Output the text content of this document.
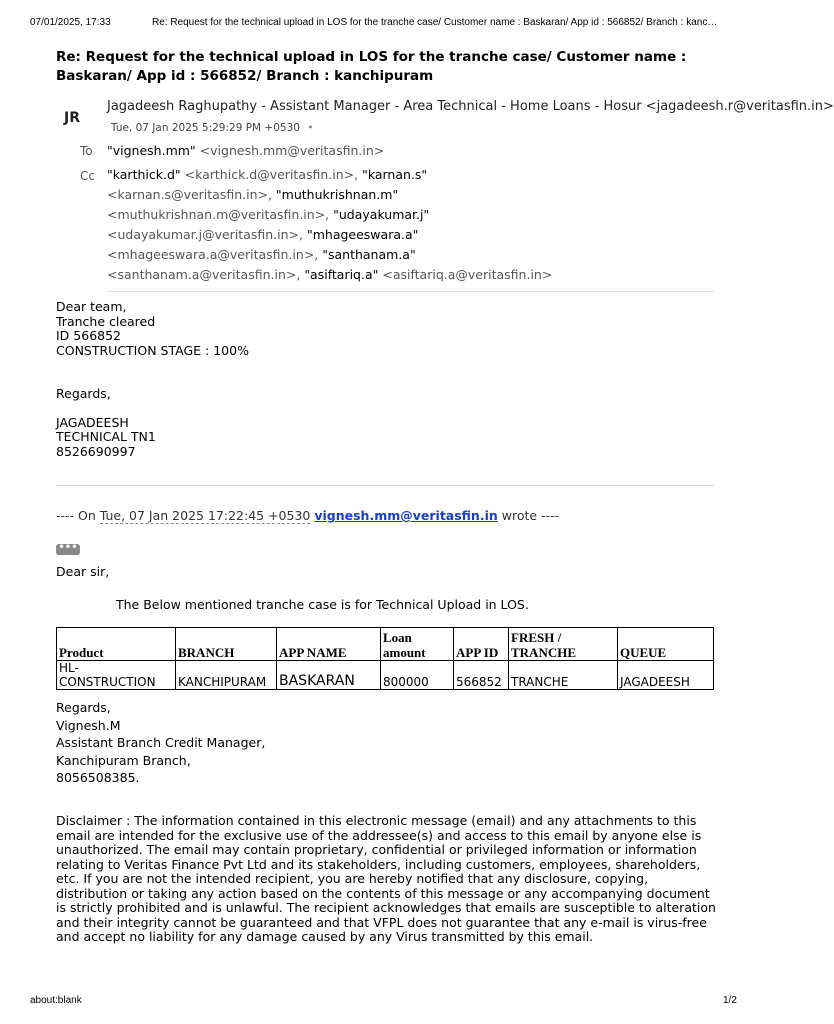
07/01/2025, 17:33	Re: Request for the technical upload in LOS for the tranche case/ Customer name : Baskaran/ App id : 566852/ Branch : kanc…
Re: Request for the technical upload in LOS for the tranche case/ Customer name :
Baskaran/ App id : 566852/ Branch : kanchipuram
JR
Jagadeesh Raghupathy - Assistant Manager - Area Technical - Home Loans - Hosur <jagadeesh.r@veritasfin.in>
Tue, 07 Jan 2025 5:29:29 PM +0530 •
To "vignesh.mm" <vignesh.mm@veritasfin.in>
Cc "karthick.d" <karthick.d@veritasfin.in>, "karnan.s"
<karnan.s@veritasfin.in>, "muthukrishnan.m"
<muthukrishnan.m@veritasfin.in>, "udayakumar.j"
<udayakumar.j@veritasfin.in>, "mhageeswara.a"
<mhageeswara.a@veritasfin.in>, "santhanam.a"
<santhanam.a@veritasfin.in>, "asiftariq.a" <asiftariq.a@veritasfin.in>
Dear team,
Tranche cleared
ID 566852
CONSTRUCTION STAGE : 100%
Regards,
JAGADEESH
TECHNICAL TN1
8526690997
---- On Tue, 07 Jan 2025 17:22:45 +0530 vignesh.mm@veritasfin.in wrote ----
•••
Dear sir,
The Below mentioned tranche case is for Technical Upload in LOS.
Product	BRANCH	APP NAME	Loan amount	APP ID	FRESH / TRANCHE	QUEUE
HL- CONSTRUCTION	KANCHIPURAM	BASKARAN	800000	566852	TRANCHE	JAGADEESH
Regards,
Vignesh.M
Assistant Branch Credit Manager,
Kanchipuram Branch,
8056508385.
Disclaimer : The information contained in this electronic message (email) and any attachments to this email are intended for the exclusive use of the addressee(s) and access to this email by anyone else is unauthorized. The email may contain proprietary, confidential or privileged information or information relating to Veritas Finance Pvt Ltd and its stakeholders, including customers, employees, shareholders, etc. If you are not the intended recipient, you are hereby notified that any disclosure, copying, distribution or taking any action based on the contents of this message or any accompanying document is strictly prohibited and is unlawful. The recipient acknowledges that emails are susceptible to alteration and their integrity cannot be guaranteed and that VFPL does not guarantee that any e-mail is virus-free and accept no liability for any damage caused by any Virus transmitted by this email.
about:blank	1/2
